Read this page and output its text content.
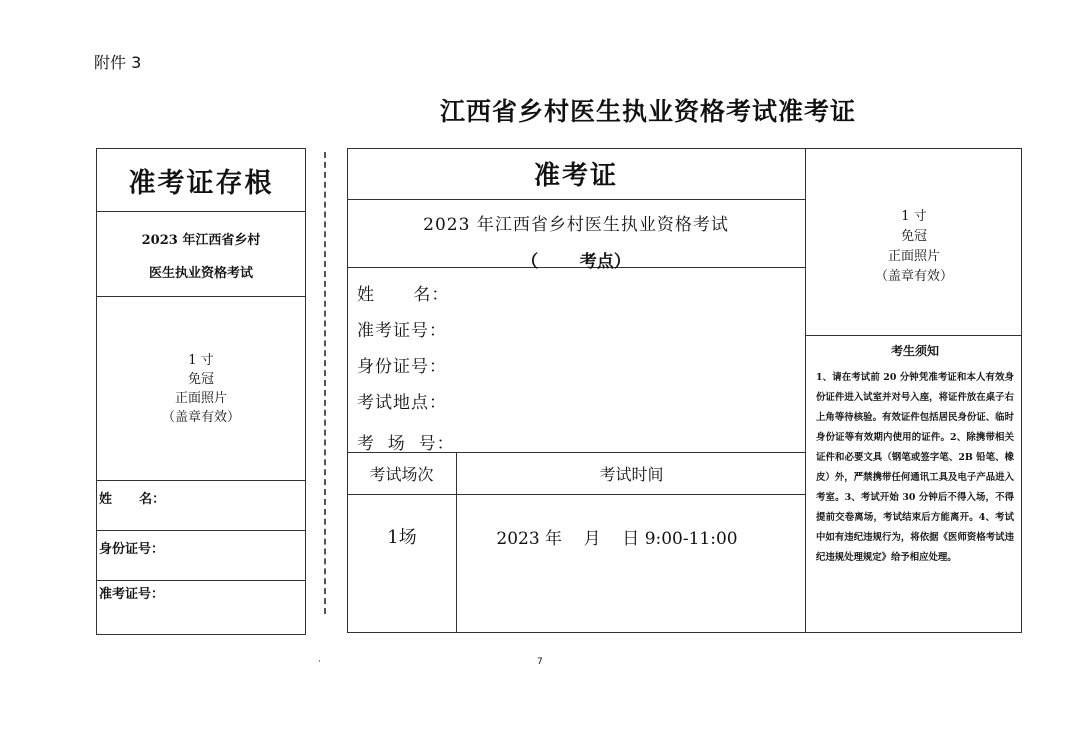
附件 3
江西省乡村医生执业资格考试准考证
准考证存根
2023 年江西省乡村
医生执业资格考试
1 寸
免冠
正面照片
（盖章有效）
姓      名：
身份证号：
准考证号：
准考证
2023 年江西省乡村医生执业资格考试
（       考点）
姓      名：
准考证号：
身份证号：
考试地点：
考  场  号：
考试场次	考试时间
1场	2023 年    月    日 9:00-11:00
1 寸
免冠
正面照片
（盖章有效）
考生须知
1、请在考试前 20 分钟凭准考证和本人有效身份证件进入试室并对号入座，将证件放在桌子右上角等待核验。有效证件包括居民身份证、临时身份证等有效期内使用的证件。2、除携带相关证件和必要文具（钢笔或签字笔、2B 铅笔、橡皮）外，严禁携带任何通讯工具及电子产品进入考室。3、考试开始 30 分钟后不得入场，不得提前交卷离场，考试结束后方能离开。4、考试中如有违纪违规行为，将依据《医师资格考试违纪违规处理规定》给予相应处理。
·	7
